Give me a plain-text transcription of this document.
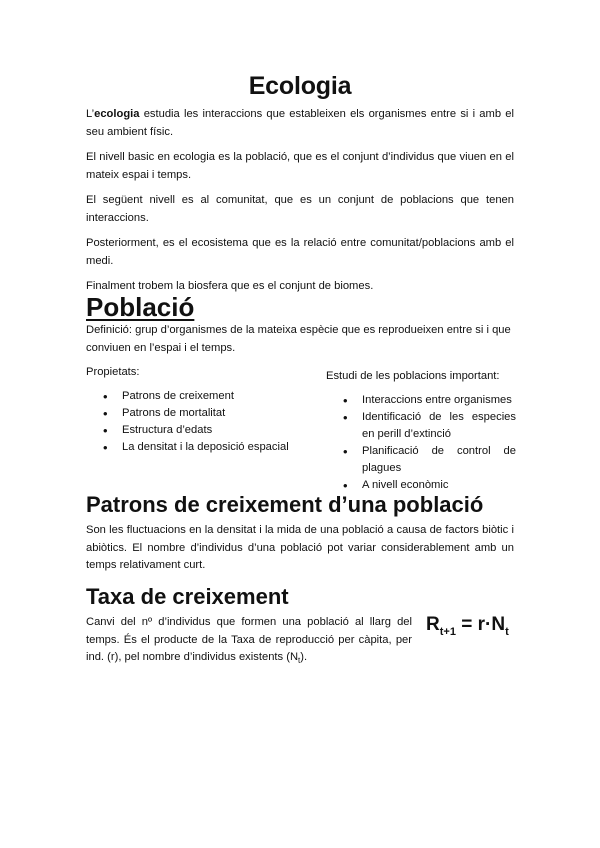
Ecologia

L’ecologia estudia les interaccions que estableixen els organismes entre si i amb el seu ambient físic.

El nivell basic en ecologia es la població, que es el conjunt d’individus que viuen en el mateix espai i temps.

El següent nivell es al comunitat, que es un conjunt de poblacions que tenen interaccions.

Posteriorment, es el ecosistema que es la relació entre comunitat/poblacions amb el medi.

Finalment trobem la biosfera que es el conjunt de biomes.

Població

Definició: grup d’organismes de la mateixa espècie que es reprodueixen entre si i que conviuen en l’espai i el temps.

Propietats:

• Patrons de creixement
• Patrons de mortalitat
• Estructura d’edats
• La densitat i la deposició espacial

Estudi de les poblacions important:

• Interaccions entre organismes
• Identificació de les especies en perill d’extinció
• Planificació de control de plagues
• A nivell econòmic
Patrons de creixement d’una població

Son les fluctuacions en la densitat i la mida de una població a causa de factors biòtic i abiòtics. El nombre d’individus d’una població pot variar considerablement amb un temps relativament curt.

Taxa de creixement

Canvi del nº d’individus que formen una població al llarg del temps. És el producte de la Taxa de reproducció per càpita, per ind. (r), pel nombre d’individus existents $(N_t)$.

$R_{t+1} = r\cdot N_t$
